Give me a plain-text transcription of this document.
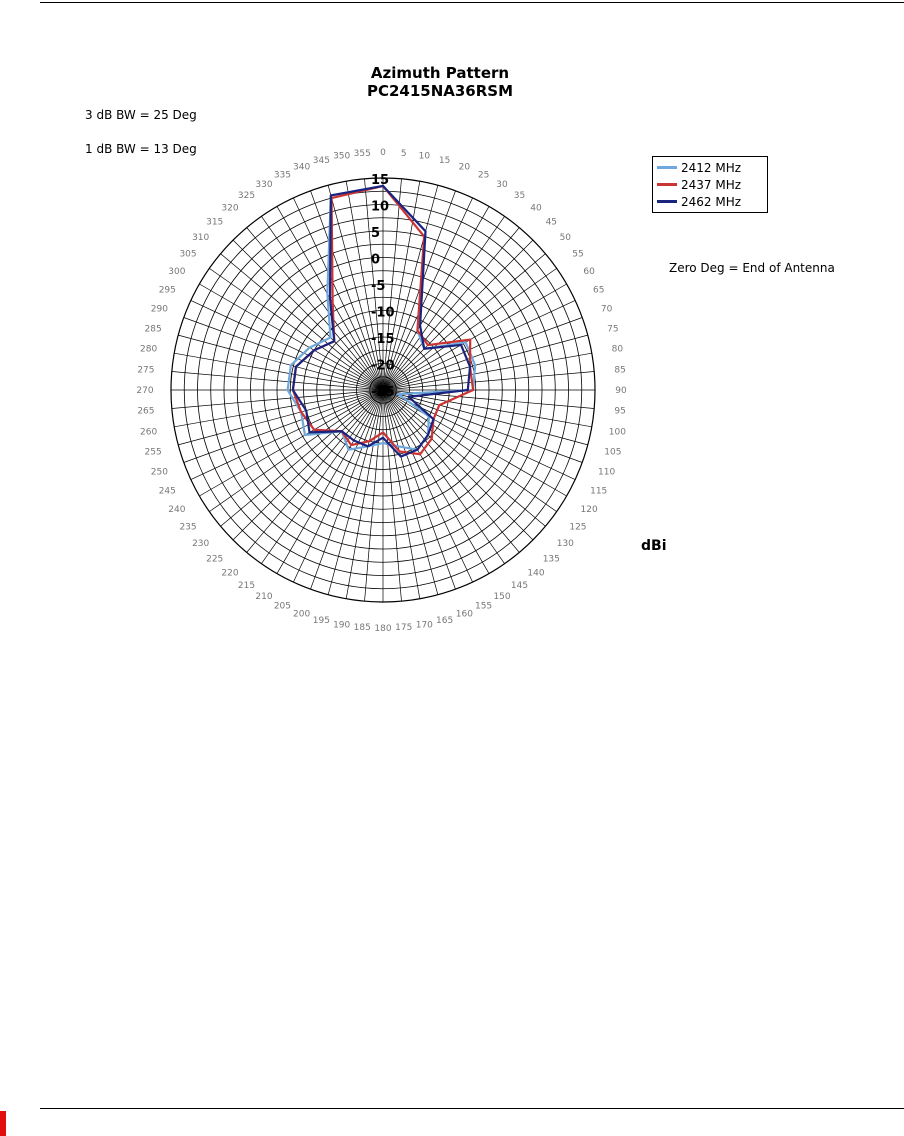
Azimuth Pattern
PC2415NA36RSM
3 dB BW = 25 Deg
1 dB BW = 13 Deg
Zero Deg = End of Antenna
0 5 10 15
20
25
30
35
40
45
50
55
60
65
70
75
80
85
90
95
100
105
110
115
120
125
130
135
140
145
150
155
160
165
170
175
180
185
190
195
200
205
210
215
220
225
230
235
240
245
250
255
260
265
270
275
280
285
290
295
300
305
310
315
320
325
330
335
340
345 350 355
15
10
5
0
-5
-10
-15
-20
-25
2412 MHz
2437 MHz
2462 MHz
dBi
